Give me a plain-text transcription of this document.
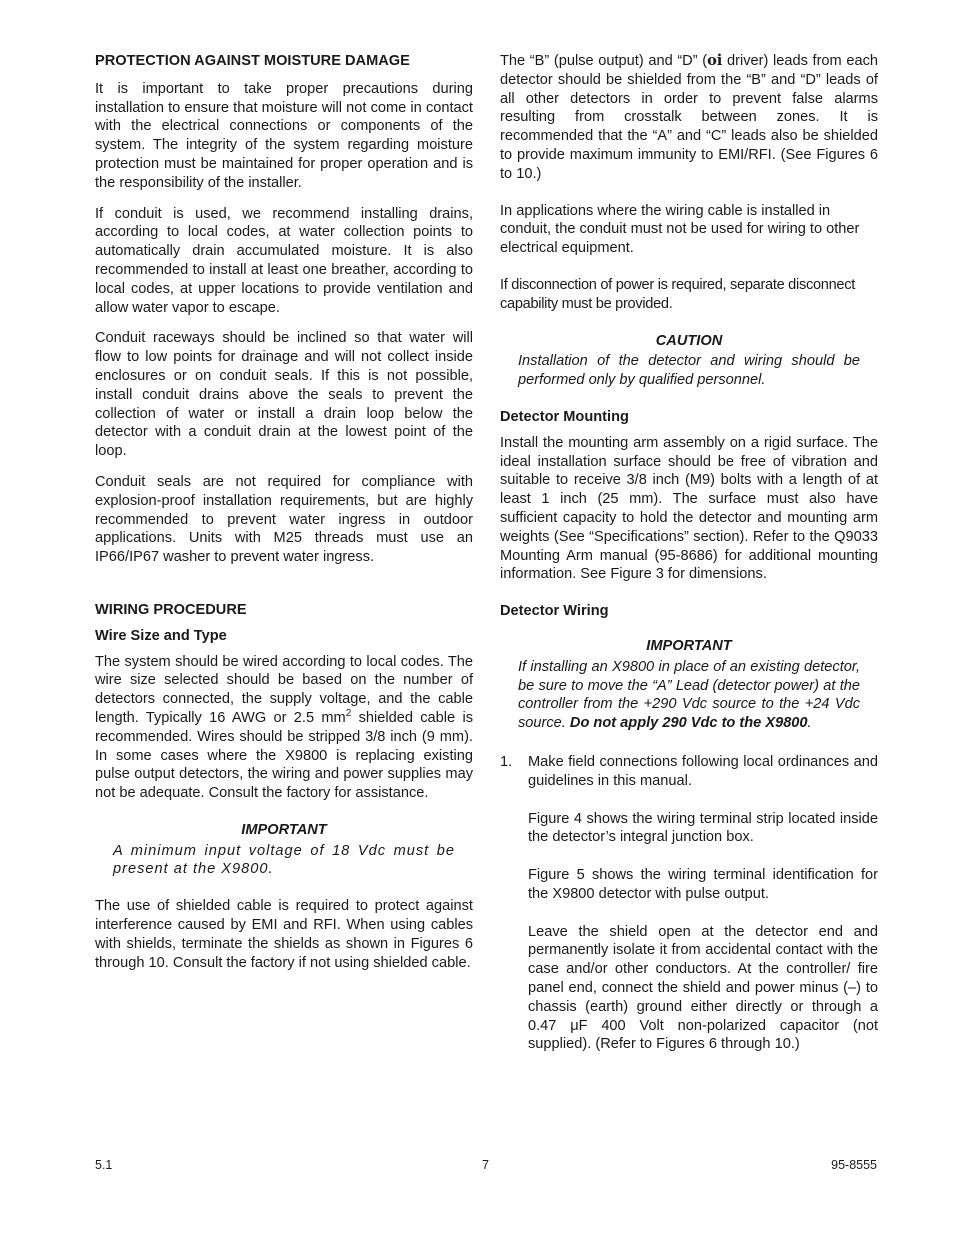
PROTECTION AGAINST MOISTURE DAMAGE

It is important to take proper precautions during installation to ensure that moisture will not come in contact with the electrical connections or components of the system. The integrity of the system regarding moisture protection must be maintained for proper operation and is the responsibility of the installer.

If conduit is used, we recommend installing drains, according to local codes, at water collection points to automatically drain accumulated moisture. It is also recommended to install at least one breather, according to local codes, at upper locations to provide ventilation and allow water vapor to escape.

Conduit raceways should be inclined so that water will flow to low points for drainage and will not collect inside enclosures or on conduit seals. If this is not possible, install conduit drains above the seals to prevent the collection of water or install a drain loop below the detector with a conduit drain at the lowest point of the loop.

Conduit seals are not required for compliance with explosion-proof installation requirements, but are highly recommended to prevent water ingress in outdoor applications. Units with M25 threads must use an IP66/IP67 washer to prevent water ingress.

WIRING PROCEDURE
Wire Size and Type

The system should be wired according to local codes. The wire size selected should be based on the number of detectors connected, the supply voltage, and the cable length. Typically 16 AWG or 2.5 $mm^2$ shielded cable is recommended. Wires should be stripped 3/8 inch (9 mm). In some cases where the X9800 is replacing existing pulse output detectors, the wiring and power supplies may not be adequate. Consult the factory for assistance.

IMPORTANT

A minimum input voltage of 18 Vdc must be present at the X9800.

The use of shielded cable is required to protect against interference caused by EMI and RFI. When using cables with shields, terminate the shields as shown in Figures 6 through 10. Consult the factory if not using shielded cable.

The “B” (pulse output) and “D” (oi driver) leads from each detector should be shielded from the “B” and “D” leads of all other detectors in order to prevent false alarms resulting from crosstalk between zones. It is recommended that the “A” and “C” leads also be shielded to provide maximum immunity to EMI/RFI. (See Figures 6 to 10.)

In applications where the wiring cable is installed in conduit, the conduit must not be used for wiring to other electrical equipment.

If disconnection of power is required, separate disconnect capability must be provided.

CAUTION

Installation of the detector and wiring should be performed only by qualified personnel.

Detector Mounting

Install the mounting arm assembly on a rigid surface. The ideal installation surface should be free of vibration and suitable to receive 3/8 inch (M9) bolts with a length of at least 1 inch (25 mm). The surface must also have sufficient capacity to hold the detector and mounting arm weights (See “Specifications” section). Refer to the Q9033 Mounting Arm manual (95-8686) for additional mounting information. See Figure 3 for dimensions.

Detector Wiring
IMPORTANT

If installing an X9800 in place of an existing detector, be sure to move the “A” Lead (detector power) at the controller from the +290 Vdc source to the +24 Vdc source. Do not apply 290 Vdc to the X9800.

1. Make field connections following local ordinances and guidelines in this manual.

Figure 4 shows the wiring terminal strip located inside the detector’s integral junction box.

Figure 5 shows the wiring terminal identification for the X9800 detector with pulse output.

Leave the shield open at the detector end and permanently isolate it from accidental contact with the case and/or other conductors. At the controller/ fire panel end, connect the shield and power minus (–) to chassis (earth) ground either directly or through a 0.47 μF 400 Volt non-polarized capacitor (not supplied). (Refer to Figures 6 through 10.)

5.1	7	95-8555
